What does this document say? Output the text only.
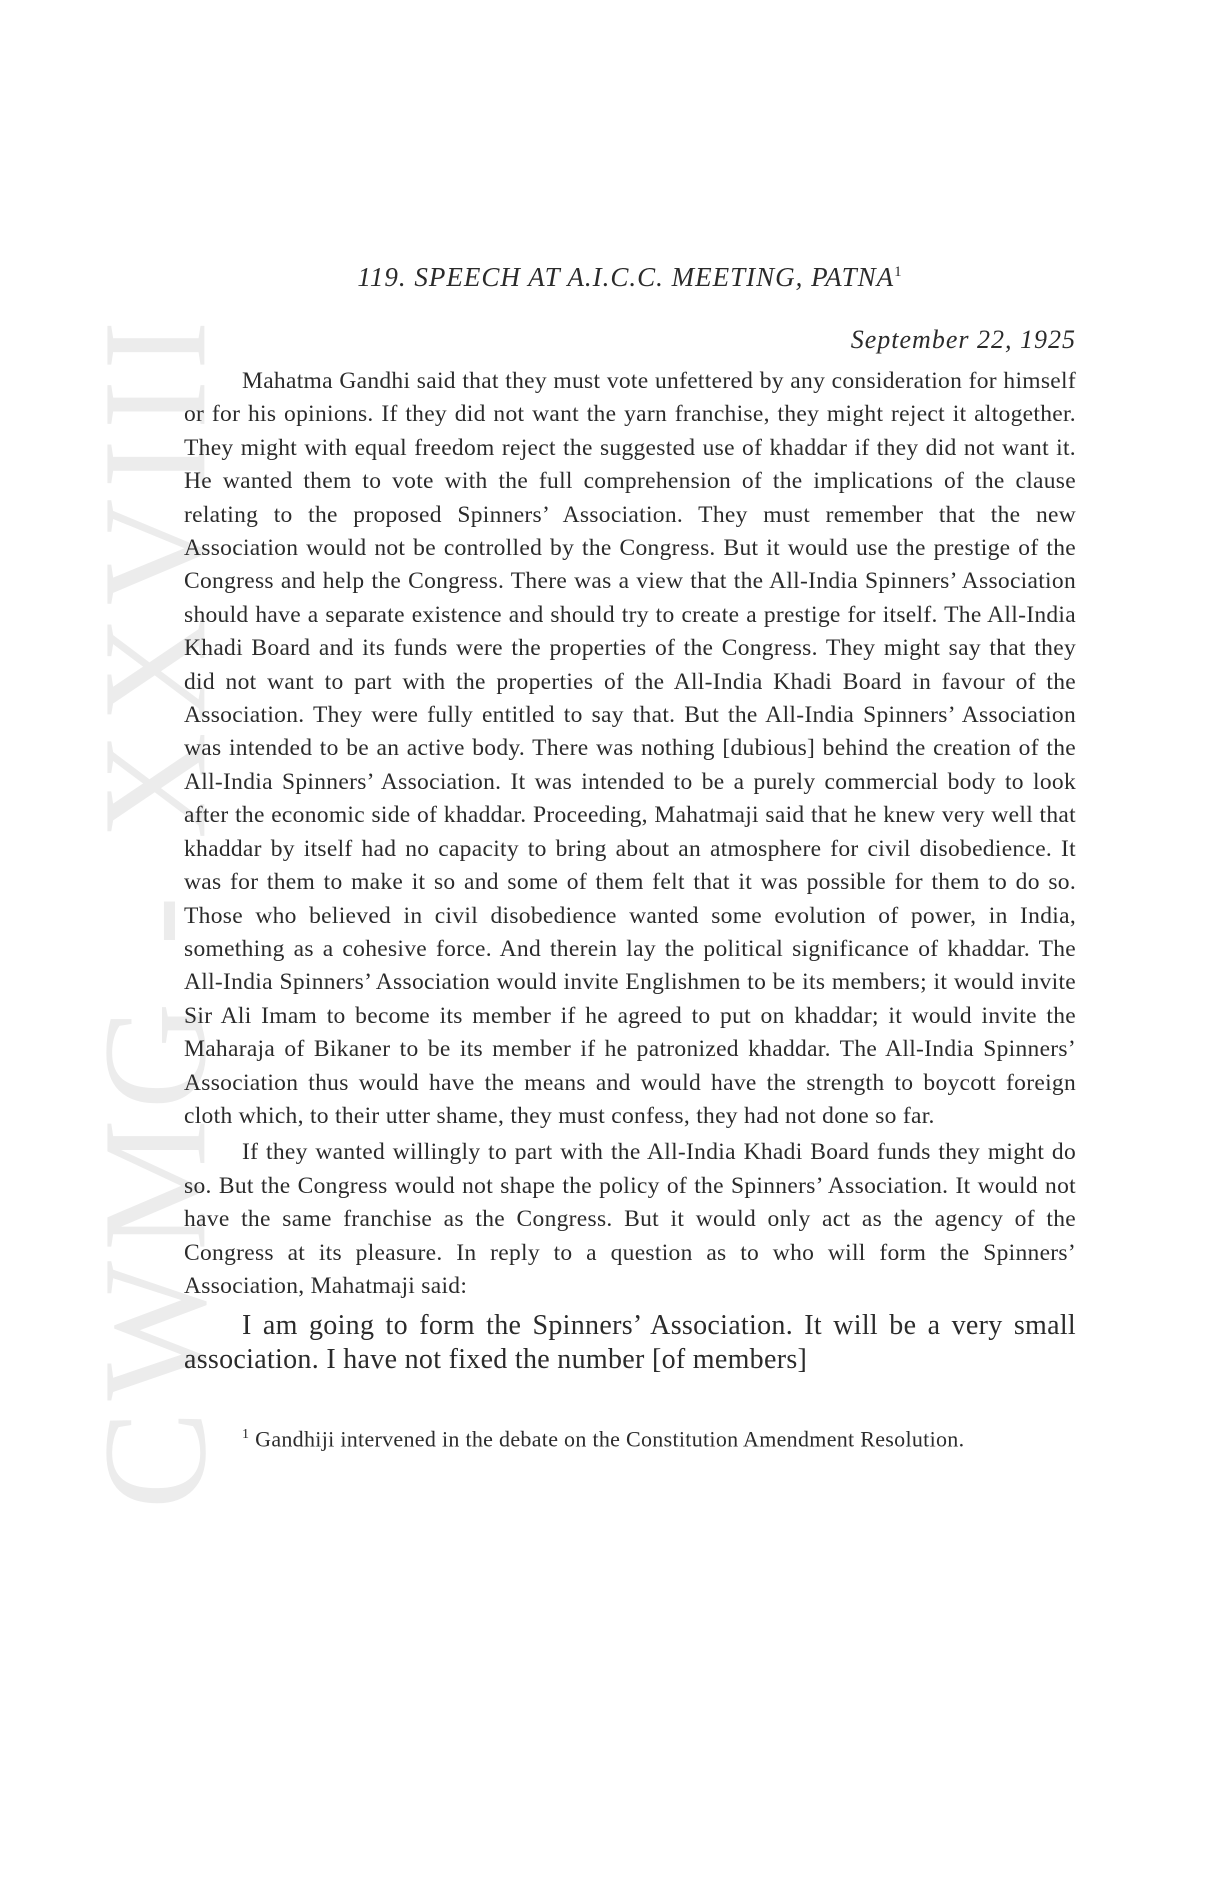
CWMG - XXVIII
119. SPEECH AT A.I.C.C. MEETING, PATNA$^1$
September 22, 1925

Mahatma Gandhi said that they must vote unfettered by any consideration for himself or for his opinions. If they did not want the yarn franchise, they might reject it altogether. They might with equal freedom reject the suggested use of khaddar if they did not want it. He wanted them to vote with the full comprehension of the implications of the clause relating to the proposed Spinners’ Association. They must remember that the new Association would not be controlled by the Congress. But it would use the prestige of the Congress and help the Congress. There was a view that the All-India Spinners’ Association should have a separate existence and should try to create a prestige for itself. The All-India Khadi Board and its funds were the properties of the Congress. They might say that they did not want to part with the properties of the All-India Khadi Board in favour of the Association. They were fully entitled to say that. But the All-India Spinners’ Association was intended to be an active body. There was nothing [dubious] behind the creation of the All-India Spinners’ Association. It was intended to be a purely commercial body to look after the economic side of khaddar. Proceeding, Mahatmaji said that he knew very well that khaddar by itself had no capacity to bring about an atmosphere for civil disobedience. It was for them to make it so and some of them felt that it was possible for them to do so. Those who believed in civil disobedience wanted some evolution of power, in India, something as a cohesive force. And therein lay the political significance of khaddar. The All-India Spinners’ Association would invite Englishmen to be its members; it would invite Sir Ali Imam to become its member if he agreed to put on khaddar; it would invite the Maharaja of Bikaner to be its member if he patronized khaddar. The All-India Spinners’ Association thus would have the means and would have the strength to boycott foreign cloth which, to their utter shame, they must confess, they had not done so far.

If they wanted willingly to part with the All-India Khadi Board funds they might do so. But the Congress would not shape the policy of the Spinners’ Association. It would not have the same franchise as the Congress. But it would only act as the agency of the Congress at its pleasure. In reply to a question as to who will form the Spinners’ Association, Mahatmaji said:

I am going to form the Spinners’ Association. It will be a very small association. I have not fixed the number [of members]

$^1$ Gandhiji intervened in the debate on the Constitution Amendment Resolution.
